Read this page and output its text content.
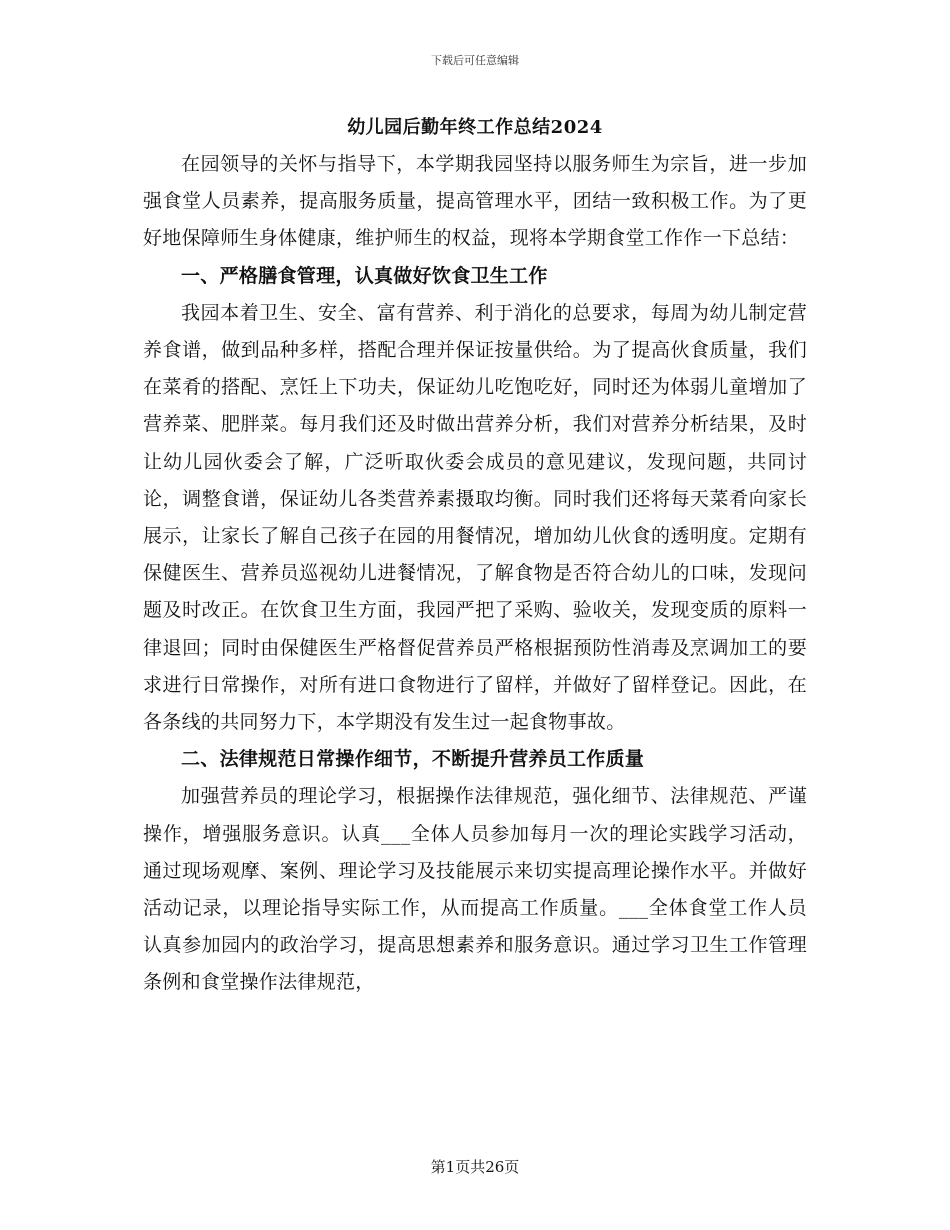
下载后可任意编辑
幼儿园后勤年终工作总结2024

在园领导的关怀与指导下，本学期我园坚持以服务师生为宗旨，进一步加强食堂人员素养，提高服务质量，提高管理水平，团结一致积极工作。为了更好地保障师生身体健康，维护师生的权益，现将本学期食堂工作作一下总结：

一、严格膳食管理，认真做好饮食卫生工作

我园本着卫生、安全、富有营养、利于消化的总要求，每周为幼儿制定营养食谱，做到品种多样，搭配合理并保证按量供给。为了提高伙食质量，我们在菜肴的搭配、烹饪上下功夫，保证幼儿吃饱吃好，同时还为体弱儿童增加了营养菜、肥胖菜。每月我们还及时做出营养分析，我们对营养分析结果，及时让幼儿园伙委会了解，广泛听取伙委会成员的意见建议，发现问题，共同讨论，调整食谱，保证幼儿各类营养素摄取均衡。同时我们还将每天菜肴向家长展示，让家长了解自己孩子在园的用餐情况，增加幼儿伙食的透明度。定期有保健医生、营养员巡视幼儿进餐情况，了解食物是否符合幼儿的口味，发现问题及时改正。在饮食卫生方面，我园严把了采购、验收关，发现变质的原料一律退回；同时由保健医生严格督促营养员严格根据预防性消毒及烹调加工的要求进行日常操作，对所有进口食物进行了留样，并做好了留样登记。因此，在各条线的共同努力下，本学期没有发生过一起食物事故。

二、法律规范日常操作细节，不断提升营养员工作质量

加强营养员的理论学习，根据操作法律规范，强化细节、法律规范、严谨操作，增强服务意识。认真___全体人员参加每月一次的理论实践学习活动，通过现场观摩、案例、理论学习及技能展示来切实提高理论操作水平。并做好活动记录，以理论指导实际工作，从而提高工作质量。___全体食堂工作人员认真参加园内的政治学习，提高思想素养和服务意识。通过学习卫生工作管理条例和食堂操作法律规范，

第1页共26页
